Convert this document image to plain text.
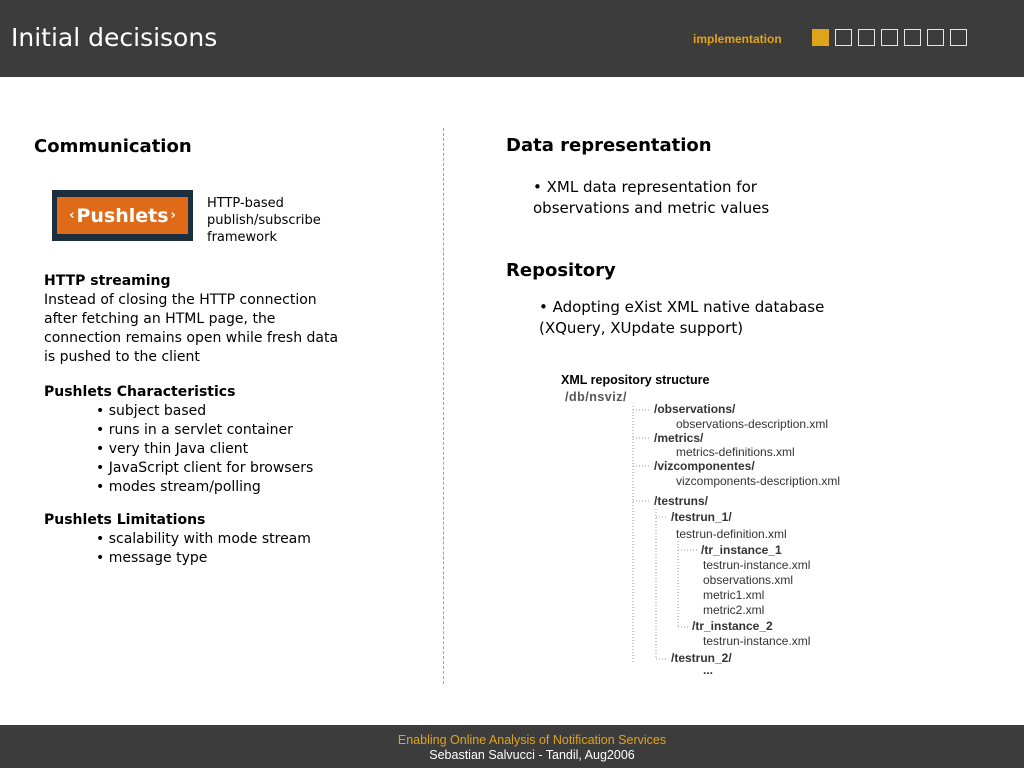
Initial decisisons	implementation
Communication
‹ Pushlets ›
HTTP-based
publish/subscribe
framework
HTTP streaming
Instead of closing the HTTP connection
after fetching an HTML page, the
connection remains open while fresh data
is pushed to the client
Pushlets Characteristics
• subject based
• runs in a servlet container
• very thin Java client
• JavaScript client for browsers
• modes stream/polling
Pushlets Limitations
• scalability with mode stream
• message type
Data representation
• XML data representation for
observations and metric values
Repository
• Adopting eXist XML native database
(XQuery, XUpdate support)
XML repository structure
/db/nsviz/
/observations/
observations-description.xml
/metrics/
metrics-definitions.xml
/vizcomponentes/
vizcomponents-description.xml
/testruns/
/testrun_1/
testrun-definition.xml
/tr_instance_1
testrun-instance.xml
observations.xml
metric1.xml
metric2.xml
/tr_instance_2
testrun-instance.xml
/testrun_2/
...
Enabling Online Analysis of Notification Services
Sebastian Salvucci - Tandil, Aug2006
